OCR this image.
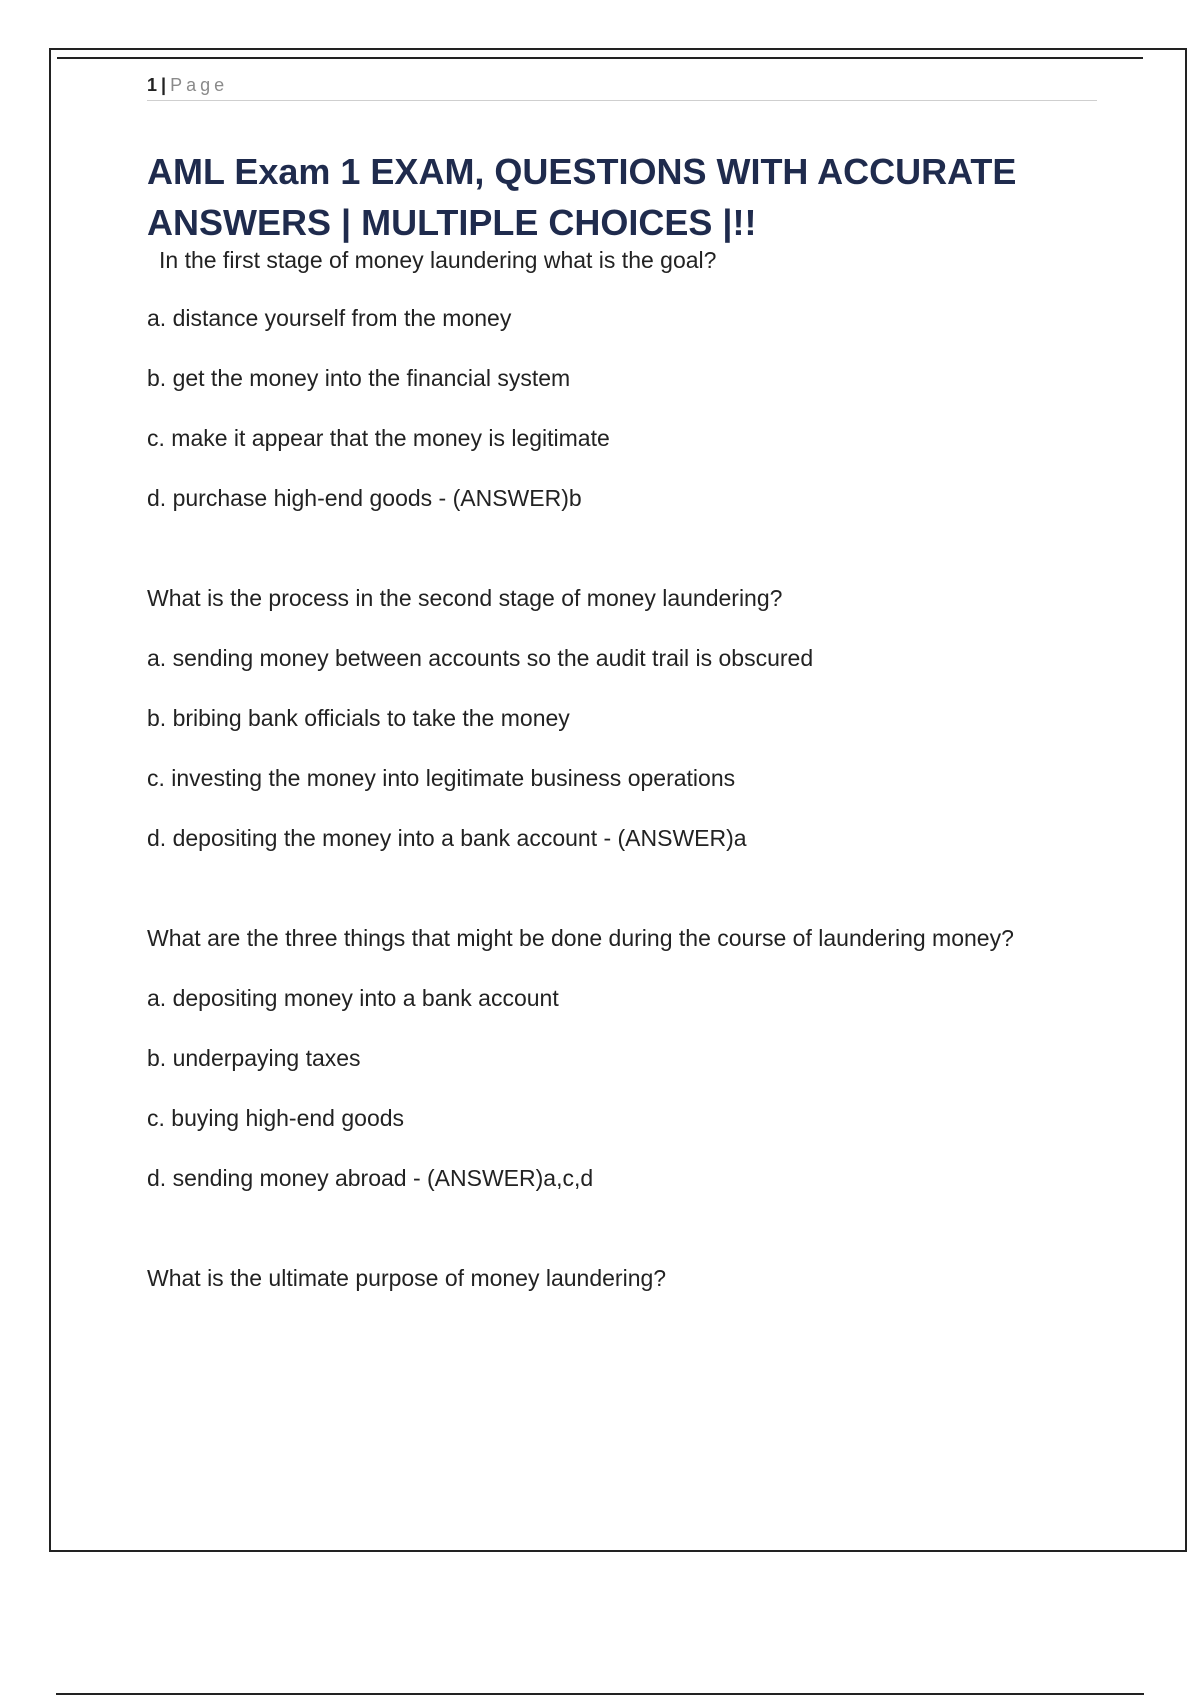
1 | Page
AML Exam 1 EXAM, QUESTIONS WITH ACCURATE
ANSWERS | MULTIPLE CHOICES |!!

In the first stage of money laundering what is the goal?

a. distance yourself from the money

b. get the money into the financial system

c. make it appear that the money is legitimate

d. purchase high-end goods - (ANSWER)b

What is the process in the second stage of money laundering?

a. sending money between accounts so the audit trail is obscured

b. bribing bank officials to take the money

c. investing the money into legitimate business operations

d. depositing the money into a bank account - (ANSWER)a

What are the three things that might be done during the course of laundering money?

a. depositing money into a bank account

b. underpaying taxes

c. buying high-end goods

d. sending money abroad - (ANSWER)a,c,d

What is the ultimate purpose of money laundering?
